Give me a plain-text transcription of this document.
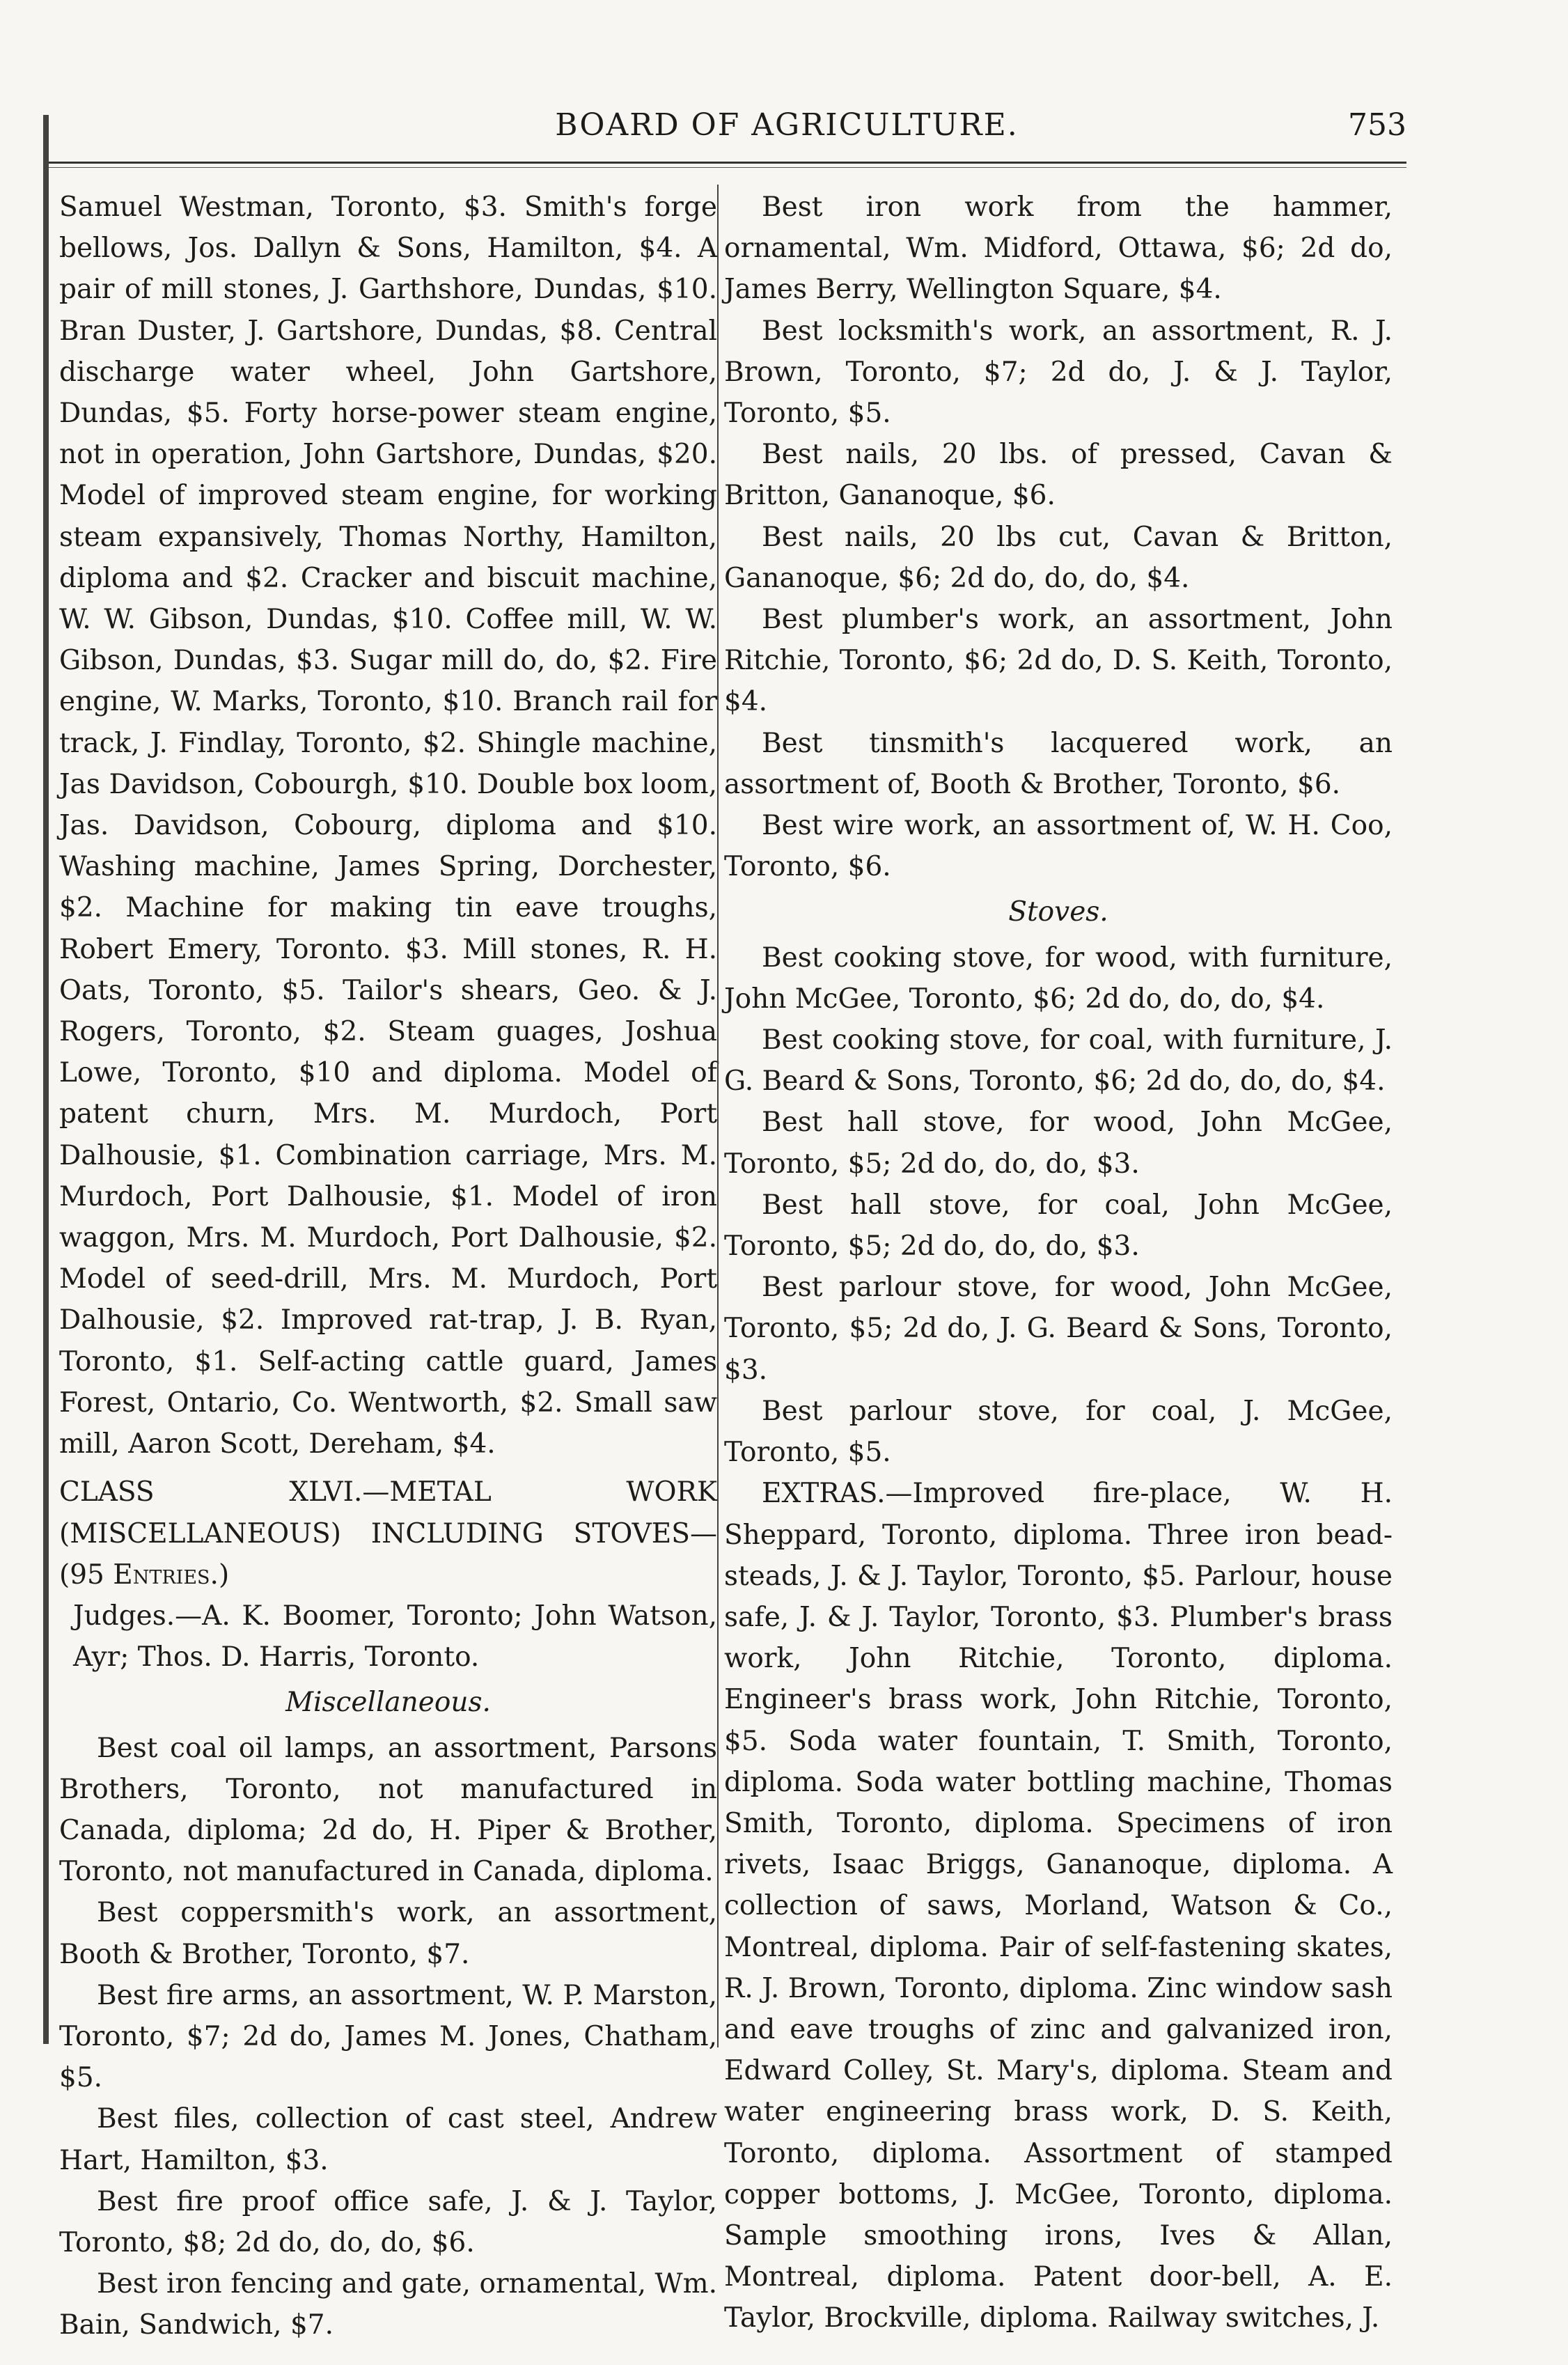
BOARD OF AGRICULTURE.	753

Samuel Westman, Toronto, $3. Smith's forge bellows, Jos. Dallyn & Sons, Hamilton, $4. A pair of mill stones, J. Garthshore, Dundas, $10. Bran Duster, J. Gartshore, Dundas, $8. Central discharge water wheel, John Gartshore, Dundas, $5. Forty horse-power steam engine, not in operation, John Gartshore, Dundas, $20. Model of improved steam engine, for working steam expansively, Thomas Northy, Hamilton, diploma and $2. Cracker and biscuit machine, W. W. Gibson, Dundas, $10. Coffee mill, W. W. Gibson, Dundas, $3. Sugar mill do, do, $2. Fire engine, W. Marks, Toronto, $10. Branch rail for track, J. Findlay, Toronto, $2. Shingle machine, Jas Davidson, Cobourgh, $10. Double box loom, Jas. Davidson, Cobourg, diploma and $10. Washing machine, James Spring, Dorchester, $2. Machine for making tin eave troughs, Robert Emery, Toronto. $3. Mill stones, R. H. Oats, Toronto, $5. Tailor's shears, Geo. & J. Rogers, Toronto, $2. Steam guages, Joshua Lowe, Toronto, $10 and diploma. Model of patent churn, Mrs. M. Murdoch, Port Dalhousie, $1. Combination carriage, Mrs. M. Murdoch, Port Dalhousie, $1. Model of iron waggon, Mrs. M. Murdoch, Port Dalhousie, $2. Model of seed-drill, Mrs. M. Murdoch, Port Dalhousie, $2. Improved rat-trap, J. B. Ryan, Toronto, $1. Self-acting cattle guard, James Forest, Ontario, Co. Wentworth, $2. Small saw mill, Aaron Scott, Dereham, $4.

CLASS XLVI.—METAL WORK (MISCELLANEOUS) INCLUDING STOVES—(95 Entries.)

Judges.—A. K. Boomer, Toronto; John Watson, Ayr; Thos. D. Harris, Toronto.

Miscellaneous.

Best coal oil lamps, an assortment, Parsons Brothers, Toronto, not manufactured in Canada, diploma; 2d do, H. Piper & Brother, Toronto, not manufactured in Canada, diploma.

Best coppersmith's work, an assortment, Booth & Brother, Toronto, $7.

Best fire arms, an assortment, W. P. Marston, Toronto, $7; 2d do, James M. Jones, Chatham, $5.

Best files, collection of cast steel, Andrew Hart, Hamilton, $3.

Best fire proof office safe, J. & J. Taylor, Toronto, $8; 2d do, do, do, $6.

Best iron fencing and gate, ornamental, Wm. Bain, Sandwich, $7.

Best iron work from the hammer, ornamental, Wm. Midford, Ottawa, $6; 2d do, James Berry, Wellington Square, $4.

Best locksmith's work, an assortment, R. J. Brown, Toronto, $7; 2d do, J. & J. Taylor, Toronto, $5.

Best nails, 20 lbs. of pressed, Cavan & Britton, Gananoque, $6.

Best nails, 20 lbs cut, Cavan & Britton, Gananoque, $6; 2d do, do, do, $4.

Best plumber's work, an assortment, John Ritchie, Toronto, $6; 2d do, D. S. Keith, Toronto, $4.

Best tinsmith's lacquered work, an assortment of, Booth & Brother, Toronto, $6.

Best wire work, an assortment of, W. H. Coo, Toronto, $6.

Stoves.

Best cooking stove, for wood, with furniture, John McGee, Toronto, $6; 2d do, do, do, $4.

Best cooking stove, for coal, with furniture, J. G. Beard & Sons, Toronto, $6; 2d do, do, do, $4.

Best hall stove, for wood, John McGee, Toronto, $5; 2d do, do, do, $3.

Best hall stove, for coal, John McGee, Toronto, $5; 2d do, do, do, $3.

Best parlour stove, for wood, John McGee, Toronto, $5; 2d do, J. G. Beard & Sons, Toronto, $3.

Best parlour stove, for coal, J. McGee, Toronto, $5.

EXTRAS.—Improved fire-place, W. H. Sheppard, Toronto, diploma. Three iron bead-steads, J. & J. Taylor, Toronto, $5. Parlour, house safe, J. & J. Taylor, Toronto, $3. Plumber's brass work, John Ritchie, Toronto, diploma. Engineer's brass work, John Ritchie, Toronto, $5. Soda water fountain, T. Smith, Toronto, diploma. Soda water bottling machine, Thomas Smith, Toronto, diploma. Specimens of iron rivets, Isaac Briggs, Gananoque, diploma. A collection of saws, Morland, Watson & Co., Montreal, diploma. Pair of self-fastening skates, R. J. Brown, Toronto, diploma. Zinc window sash and eave troughs of zinc and galvanized iron, Edward Colley, St. Mary's, diploma. Steam and water engineering brass work, D. S. Keith, Toronto, diploma. Assortment of stamped copper bottoms, J. McGee, Toronto, diploma. Sample smoothing irons, Ives & Allan, Montreal, diploma. Patent door-bell, A. E. Taylor, Brockville, diploma. Railway switches, J.
